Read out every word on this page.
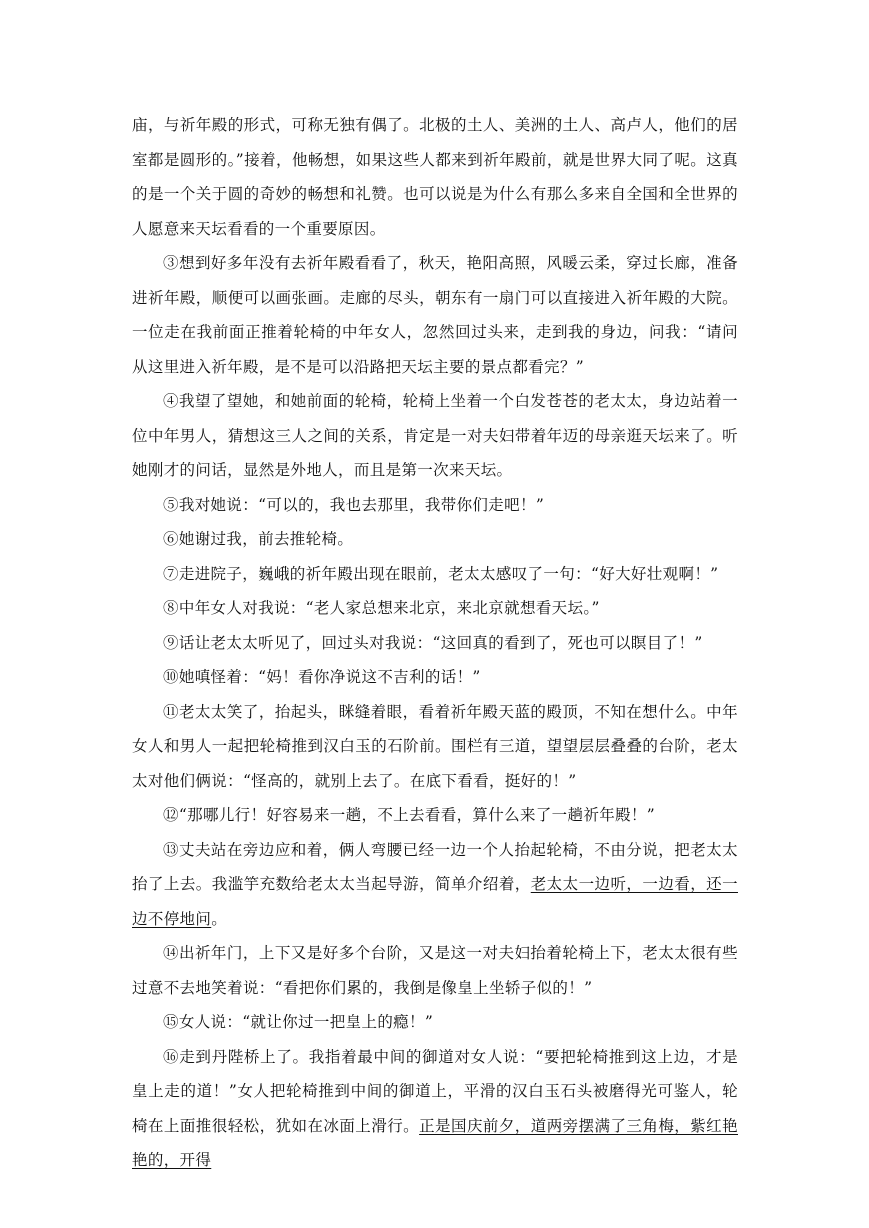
庙，与祈年殿的形式，可称无独有偶了。北极的土人、美洲的土人、高卢人，他们的居室都是圆形的。”接着，他畅想，如果这些人都来到祈年殿前，就是世界大同了呢。这真的是一个关于圆的奇妙的畅想和礼赞。也可以说是为什么有那么多来自全国和全世界的人愿意来天坛看看的一个重要原因。

③想到好多年没有去祈年殿看看了，秋天，艳阳高照，风暖云柔，穿过长廊，准备进祈年殿，顺便可以画张画。走廊的尽头，朝东有一扇门可以直接进入祈年殿的大院。一位走在我前面正推着轮椅的中年女人，忽然回过头来，走到我的身边，问我：“请问从这里进入祈年殿，是不是可以沿路把天坛主要的景点都看完？”

④我望了望她，和她前面的轮椅，轮椅上坐着一个白发苍苍的老太太，身边站着一位中年男人，猜想这三人之间的关系，肯定是一对夫妇带着年迈的母亲逛天坛来了。听她刚才的问话，显然是外地人，而且是第一次来天坛。

⑤我对她说：“可以的，我也去那里，我带你们走吧！”

⑥她谢过我，前去推轮椅。

⑦走进院子，巍峨的祈年殿出现在眼前，老太太感叹了一句：“好大好壮观啊！”

⑧中年女人对我说：“老人家总想来北京，来北京就想看天坛。”

⑨话让老太太听见了，回过头对我说：“这回真的看到了，死也可以瞑目了！”

⑩她嗔怪着：“妈！看你净说这不吉利的话！”

⑪老太太笑了，抬起头，眯缝着眼，看着祈年殿天蓝的殿顶，不知在想什么。中年女人和男人一起把轮椅推到汉白玉的石阶前。围栏有三道，望望层层叠叠的台阶，老太太对他们俩说：“怪高的，就别上去了。在底下看看，挺好的！”

⑫“那哪儿行！好容易来一趟，不上去看看，算什么来了一趟祈年殿！”

⑬丈夫站在旁边应和着，俩人弯腰已经一边一个人抬起轮椅，不由分说，把老太太抬了上去。我滥竽充数给老太太当起导游，简单介绍着，老太太一边听，一边看，还一边不停地问。

⑭出祈年门，上下又是好多个台阶，又是这一对夫妇抬着轮椅上下，老太太很有些过意不去地笑着说：“看把你们累的，我倒是像皇上坐轿子似的！”

⑮女人说：“就让你过一把皇上的瘾！”

⑯走到丹陛桥上了。我指着最中间的御道对女人说：“要把轮椅推到这上边，才是皇上走的道！”女人把轮椅推到中间的御道上，平滑的汉白玉石头被磨得光可鉴人，轮椅在上面推很轻松，犹如在冰面上滑行。正是国庆前夕，道两旁摆满了三角梅，紫红艳艳的，开得
